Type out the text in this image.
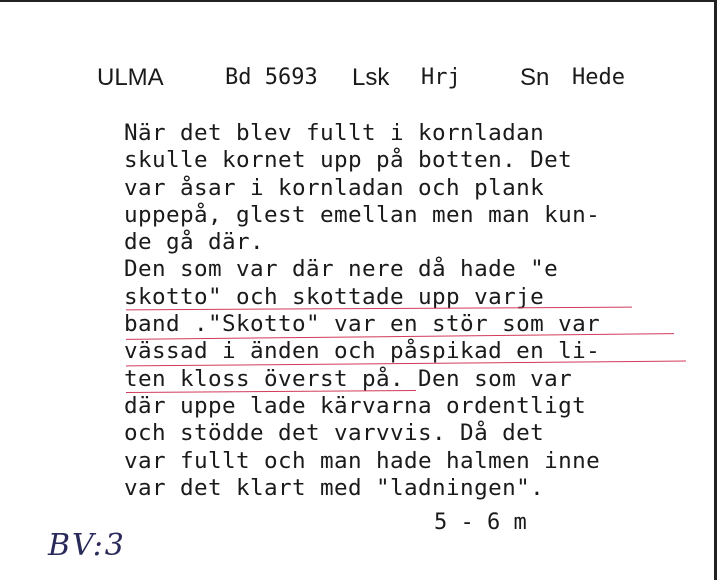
ULMA	Bd 5693 Lsk Hrj Sn Hede
När det blev fullt i kornladan
skulle kornet upp på botten. Det
var åsar i kornladan och plank
uppepå, glest emellan men man kun-
de gå där.
Den som var där nere då hade "e
skotto" och skottade upp varje
band ."Skotto" var en stör som var
vässad i änden och påspikad en li-
ten kloss överst på. Den som var
där uppe lade kärvarna ordentligt
och stödde det varvvis. Då det
var fullt och man hade halmen inne
var det klart med "ladningen".
5 - 6 m
BV:3
